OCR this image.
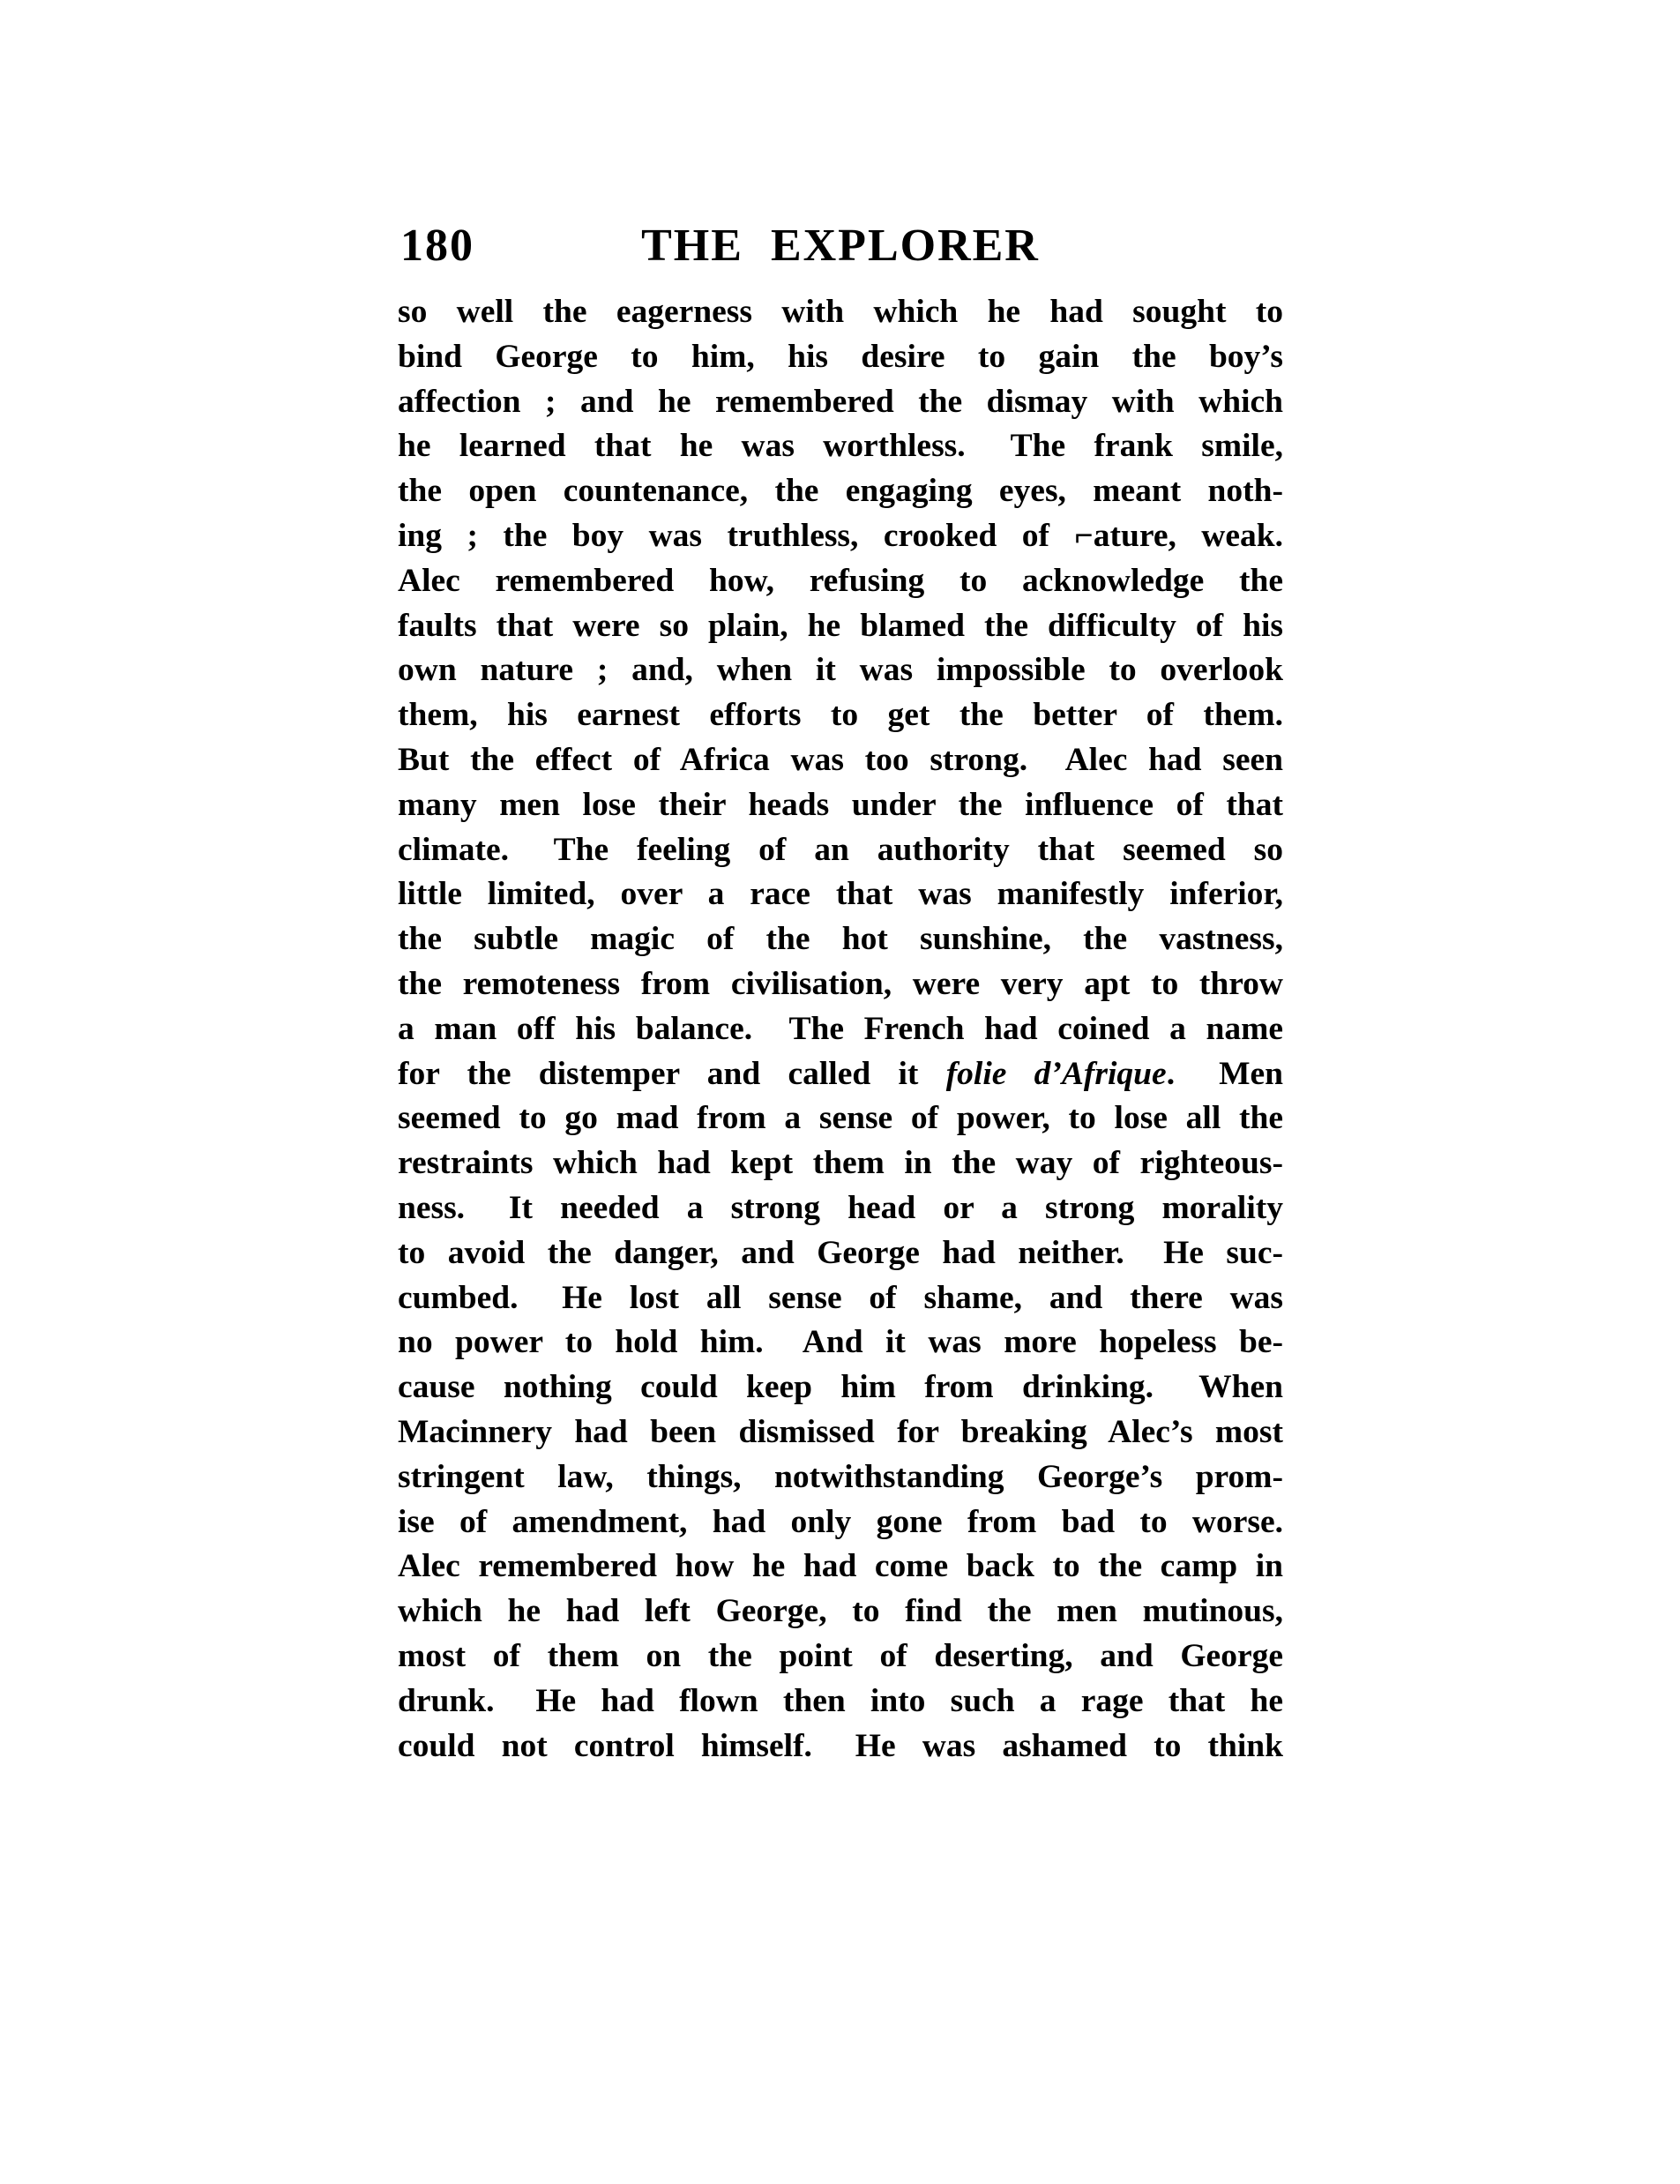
180	THE EXPLORER
so well the eagerness with which he had sought to
bind George to him, his desire to gain the boy’s
affection ; and he remembered the dismay with which
he learned that he was worthless.  The frank smile,
the open countenance, the engaging eyes, meant noth-
ing ; the boy was truthless, crooked of ⌐ature, weak.
Alec remembered how, refusing to acknowledge the
faults that were so plain, he blamed the difficulty of his
own nature ; and, when it was impossible to overlook
them, his earnest efforts to get the better of them.
But the effect of Africa was too strong.  Alec had seen
many men lose their heads under the influence of that
climate.  The feeling of an authority that seemed so
little limited, over a race that was manifestly inferior,
the subtle magic of the hot sunshine, the vastness,
the remoteness from civilisation, were very apt to throw
a man off his balance.  The French had coined a name
for the distemper and called it folie d’Afrique.  Men
seemed to go mad from a sense of power, to lose all the
restraints which had kept them in the way of righteous-
ness.  It needed a strong head or a strong morality
to avoid the danger, and George had neither.  He suc-
cumbed.  He lost all sense of shame, and there was
no power to hold him.  And it was more hopeless be-
cause nothing could keep him from drinking.  When
Macinnery had been dismissed for breaking Alec’s most
stringent law, things, notwithstanding George’s prom-
ise of amendment, had only gone from bad to worse.
Alec remembered how he had come back to the camp in
which he had left George, to find the men mutinous,
most of them on the point of deserting, and George
drunk.  He had flown then into such a rage that he
could not control himself.  He was ashamed to think
